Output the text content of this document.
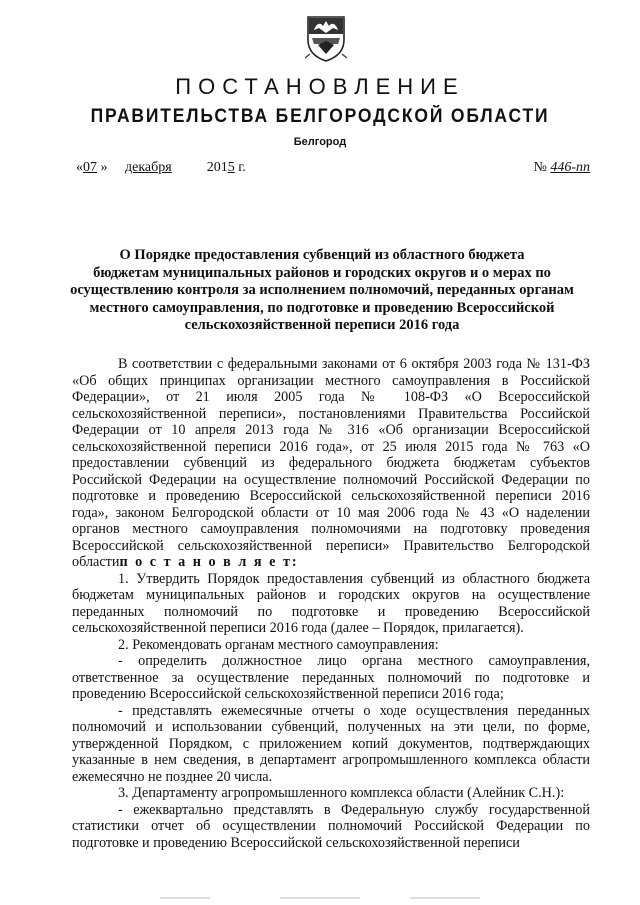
ПОСТАНОВЛЕНИЕ
ПРАВИТЕЛЬСТВА БЕЛГОРОДСКОЙ ОБЛАСТИ
Белгород
«07 » декабря	2015 г.	№ 446-пп
О Порядке предоставления субвенций из областного бюджета
бюджетам муниципальных районов и городских округов и о мерах по
осуществлению контроля за исполнением полномочий, переданных органам
местного самоуправления, по подготовке и проведению Всероссийской
сельскохозяйственной переписи 2016 года

В соответствии с федеральными законами от 6 октября 2003 года № 131-ФЗ «Об общих принципах организации местного самоуправления в Российской Федерации», от 21 июля 2005 года № 108-ФЗ «О Всероссийской сельскохозяйственной переписи», постановлениями Правительства Российской Федерации от 10 апреля 2013 года № 316 «Об организации Всероссийской сельскохозяйственной переписи 2016 года», от 25 июля 2015 года № 763 «О предоставлении субвенций из федерального бюджета бюджетам субъектов Российской Федерации на осуществление полномочий Российской Федерации по подготовке и проведению Всероссийской сельскохозяйственной переписи 2016 года», законом Белгородской области от 10 мая 2006 года № 43 «О наделении органов местного самоуправления полномочиями на подготовку проведения Всероссийской сельскохозяйственной переписи» Правительство Белгородской областип о с т а н о в л я е т:

1. Утвердить Порядок предоставления субвенций из областного бюджета бюджетам муниципальных районов и городских округов на осуществление переданных полномочий по подготовке и проведению Всероссийской сельскохозяйственной переписи 2016 года (далее – Порядок, прилагается).

2. Рекомендовать органам местного самоуправления:

- определить должностное лицо органа местного самоуправления, ответственное за осуществление переданных полномочий по подготовке и проведению Всероссийской сельскохозяйственной переписи 2016 года;

- представлять ежемесячные отчеты о ходе осуществления переданных полномочий и использовании субвенций, полученных на эти цели, по форме, утвержденной Порядком, с приложением копий документов, подтверждающих указанные в нем сведения, в департамент агропромышленного комплекса области ежемесячно не позднее 20 числа.

3. Департаменту агропромышленного комплекса области (Алейник С.Н.):

- ежеквартально представлять в Федеральную службу государственной статистики отчет об осуществлении полномочий Российской Федерации по подготовке и проведению Всероссийской сельскохозяйственной переписи
